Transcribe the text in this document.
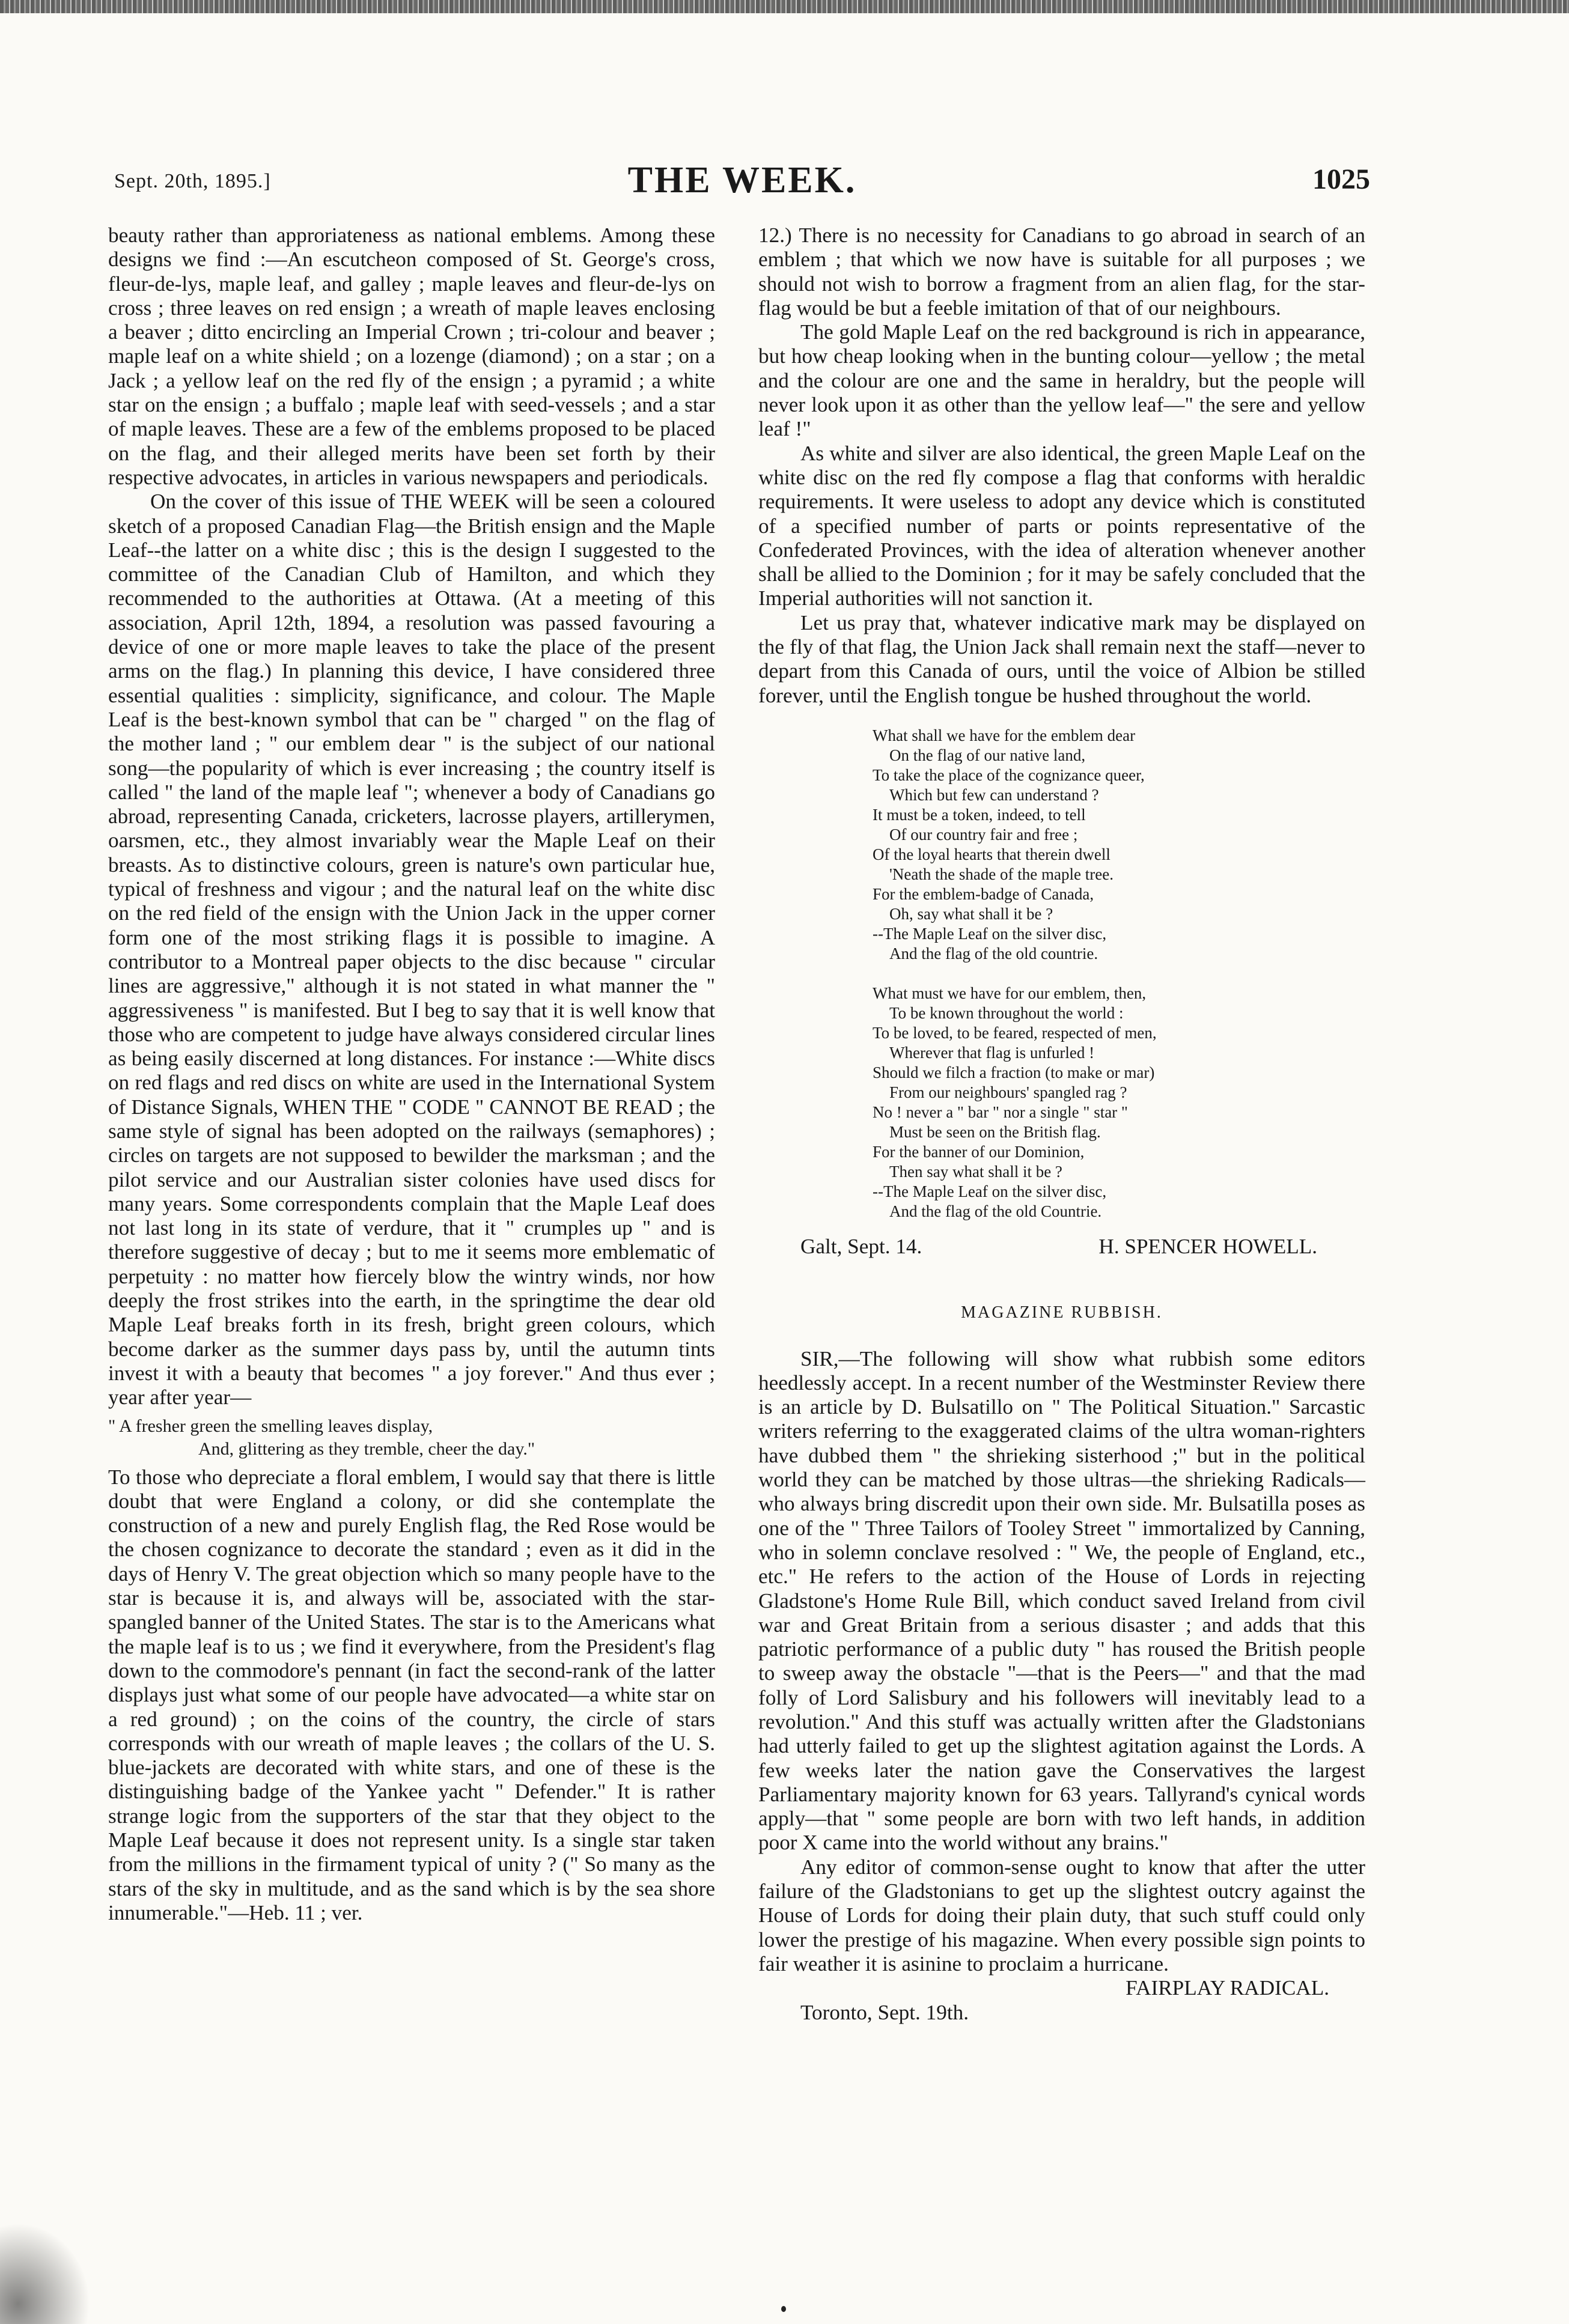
Sept. 20th, 1895.]	THE WEEK.	1025

beauty rather than approriateness as national emblems. Among these designs we find :—An escutcheon composed of St. George's cross, fleur-de-lys, maple leaf, and galley ; maple leaves and fleur-de-lys on cross ; three leaves on red ensign ; a wreath of maple leaves enclosing a beaver ; ditto encircling an Imperial Crown ; tri-colour and beaver ; maple leaf on a white shield ; on a lozenge (diamond) ; on a star ; on a Jack ; a yellow leaf on the red fly of the ensign ; a pyramid ; a white star on the ensign ; a buffalo ; maple leaf with seed-vessels ; and a star of maple leaves. These are a few of the emblems proposed to be placed on the flag, and their alleged merits have been set forth by their respective advocates, in articles in various newspapers and periodicals.

On the cover of this issue of THE WEEK will be seen a coloured sketch of a proposed Canadian Flag—the British ensign and the Maple Leaf--the latter on a white disc ; this is the design I suggested to the committee of the Canadian Club of Hamilton, and which they recommended to the authorities at Ottawa. (At a meeting of this association, April 12th, 1894, a resolution was passed favouring a device of one or more maple leaves to take the place of the present arms on the flag.) In planning this device, I have considered three essential qualities : simplicity, significance, and colour. The Maple Leaf is the best-known symbol that can be " charged " on the flag of the mother land ; " our emblem dear " is the subject of our national song—the popularity of which is ever increasing ; the country itself is called " the land of the maple leaf "; whenever a body of Canadians go abroad, representing Canada, cricketers, lacrosse players, artillerymen, oarsmen, etc., they almost invariably wear the Maple Leaf on their breasts. As to distinctive colours, green is nature's own particular hue, typical of freshness and vigour ; and the natural leaf on the white disc on the red field of the ensign with the Union Jack in the upper corner form one of the most striking flags it is possible to imagine. A contributor to a Montreal paper objects to the disc because " circular lines are aggressive," although it is not stated in what manner the " aggressiveness " is manifested. But I beg to say that it is well know that those who are competent to judge have always considered circular lines as being easily discerned at long distances. For instance :—White discs on red flags and red discs on white are used in the International System of Distance Signals, WHEN THE " CODE " CANNOT BE READ ; the same style of signal has been adopted on the railways (semaphores) ; circles on targets are not supposed to bewilder the marksman ; and the pilot service and our Australian sister colonies have used discs for many years. Some correspondents complain that the Maple Leaf does not last long in its state of verdure, that it " crumples up " and is therefore suggestive of decay ; but to me it seems more emblematic of perpetuity : no matter how fiercely blow the wintry winds, nor how deeply the frost strikes into the earth, in the springtime the dear old Maple Leaf breaks forth in its fresh, bright green colours, which become darker as the summer days pass by, until the autumn tints invest it with a beauty that becomes " a joy forever." And thus ever ; year after year—

" A fresher green the smelling leaves display,

And, glittering as they tremble, cheer the day."

To those who depreciate a floral emblem, I would say that there is little doubt that were England a colony, or did she contemplate the construction of a new and purely English flag, the Red Rose would be the chosen cognizance to decorate the standard ; even as it did in the days of Henry V. The great objection which so many people have to the star is because it is, and always will be, associated with the star-spangled banner of the United States. The star is to the Americans what the maple leaf is to us ; we find it everywhere, from the President's flag down to the commodore's pennant (in fact the second-rank of the latter displays just what some of our people have advocated—a white star on a red ground) ; on the coins of the country, the circle of stars corresponds with our wreath of maple leaves ; the collars of the U. S. blue-jackets are decorated with white stars, and one of these is the distinguishing badge of the Yankee yacht " Defender." It is rather strange logic from the supporters of the star that they object to the Maple Leaf because it does not represent unity. Is a single star taken from the millions in the firmament typical of unity ? (" So many as the stars of the sky in multitude, and as the sand which is by the sea shore innumerable."—Heb. 11 ; ver.

12.) There is no necessity for Canadians to go abroad in search of an emblem ; that which we now have is suitable for all purposes ; we should not wish to borrow a fragment from an alien flag, for the star-flag would be but a feeble imitation of that of our neighbours.

The gold Maple Leaf on the red background is rich in appearance, but how cheap looking when in the bunting colour—yellow ; the metal and the colour are one and the same in heraldry, but the people will never look upon it as other than the yellow leaf—" the sere and yellow leaf !"

As white and silver are also identical, the green Maple Leaf on the white disc on the red fly compose a flag that conforms with heraldic requirements. It were useless to adopt any device which is constituted of a specified number of parts or points representative of the Confederated Provinces, with the idea of alteration whenever another shall be allied to the Dominion ; for it may be safely concluded that the Imperial authorities will not sanction it.

Let us pray that, whatever indicative mark may be displayed on the fly of that flag, the Union Jack shall remain next the staff—never to depart from this Canada of ours, until the voice of Albion be stilled forever, until the English tongue be hushed throughout the world.

What shall we have for the emblem dear
On the flag of our native land,
To take the place of the cognizance queer,
Which but few can understand ?
It must be a token, indeed, to tell
Of our country fair and free ;
Of the loyal hearts that therein dwell
'Neath the shade of the maple tree.
For the emblem-badge of Canada,
Oh, say what shall it be ?
--The Maple Leaf on the silver disc,
And the flag of the old countrie.
What must we have for our emblem, then,
To be known throughout the world :
To be loved, to be feared, respected of men,
Wherever that flag is unfurled !
Should we filch a fraction (to make or mar)
From our neighbours' spangled rag ?
No ! never a " bar " nor a single " star "
Must be seen on the British flag.
For the banner of our Dominion,
Then say what shall it be ?
--The Maple Leaf on the silver disc,
And the flag of the old Countrie.
Galt, Sept. 14.	H. SPENCER HOWELL.

MAGAZINE RUBBISH.

SIR,—The following will show what rubbish some editors heedlessly accept. In a recent number of the Westminster Review there is an article by D. Bulsatillo on " The Political Situation." Sarcastic writers referring to the exaggerated claims of the ultra woman-righters have dubbed them " the shrieking sisterhood ;" but in the political world they can be matched by those ultras—the shrieking Radicals—who always bring discredit upon their own side. Mr. Bulsatilla poses as one of the " Three Tailors of Tooley Street " immortalized by Canning, who in solemn conclave resolved : " We, the people of England, etc., etc." He refers to the action of the House of Lords in rejecting Gladstone's Home Rule Bill, which conduct saved Ireland from civil war and Great Britain from a serious disaster ; and adds that this patriotic performance of a public duty " has roused the British people to sweep away the obstacle "—that is the Peers—" and that the mad folly of Lord Salisbury and his followers will inevitably lead to a revolution." And this stuff was actually written after the Gladstonians had utterly failed to get up the slightest agitation against the Lords. A few weeks later the nation gave the Conservatives the largest Parliamentary majority known for 63 years. Tallyrand's cynical words apply—that " some people are born with two left hands, in addition poor X came into the world without any brains."

Any editor of common-sense ought to know that after the utter failure of the Gladstonians to get up the slightest outcry against the House of Lords for doing their plain duty, that such stuff could only lower the prestige of his magazine. When every possible sign points to fair weather it is asinine to proclaim a hurricane.

FAIRPLAY RADICAL.

Toronto, Sept. 19th.
